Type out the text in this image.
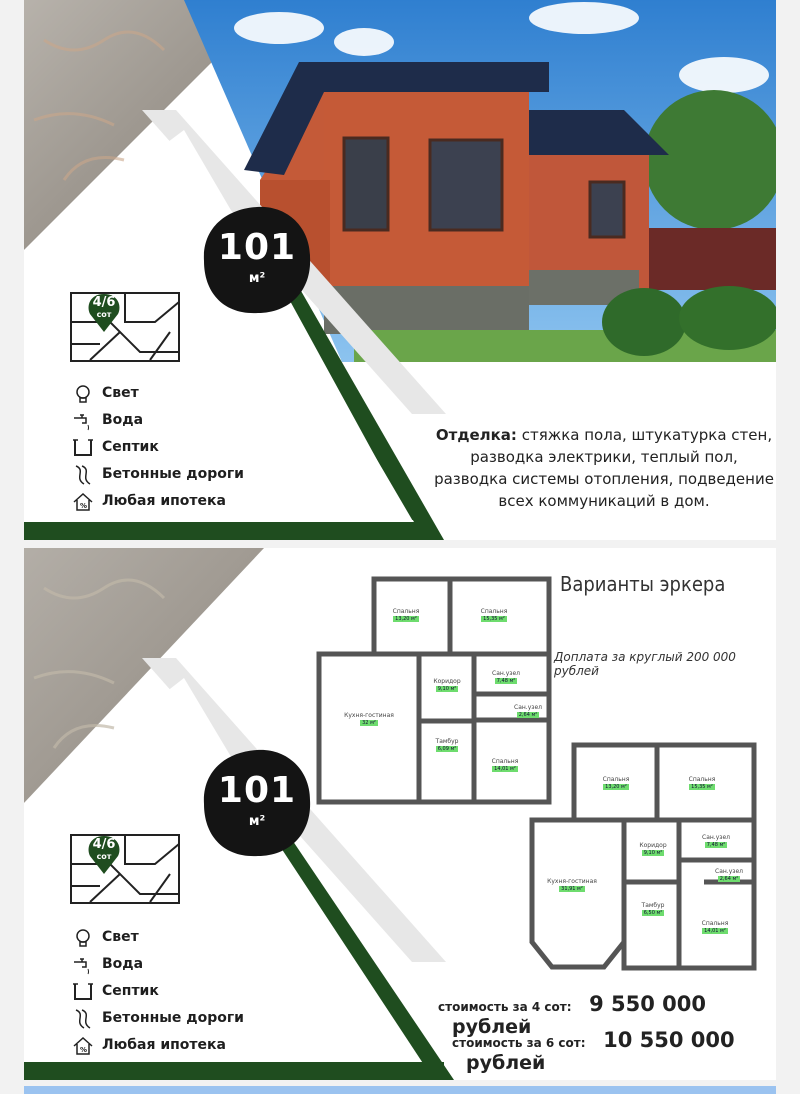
101
м²
4/6
сот
Свет
Вода
Септик
Бетонные дороги
% Любая ипотека
Отделка: стяжка пола, штукатурка стен, разводка электрики, теплый пол, разводка системы отопления, подведение всех коммуникаций в дом.
Спальня
13,20 м²
Спальня
15,35 м²
Кухня-гостиная
32 м²
Коридор
9,10 м²
Сан.узел
7,48 м²
Сан.узел
2,64 м²
Тамбур
6,09 м²
Спальня
14,01 м²
Спальня
13,20 м²
Спальня
15,35 м²
Кухня-гостиная
31,91 м²
Коридор
9,10 м²
Сан.узел
7,48 м²
Сан.узел
2,64 м²
Тамбур
6,50 м²
Спальня
14,01 м²
101
м²
4/6
сот
Свет
Вода
Септик
Бетонные дороги
% Любая ипотека
Варианты эркера
Доплата за круглый 200 000 рублей
стоимость за 4 сот: 9 550 000 рублей
стоимость за 6 сот: 10 550 000 рублей
